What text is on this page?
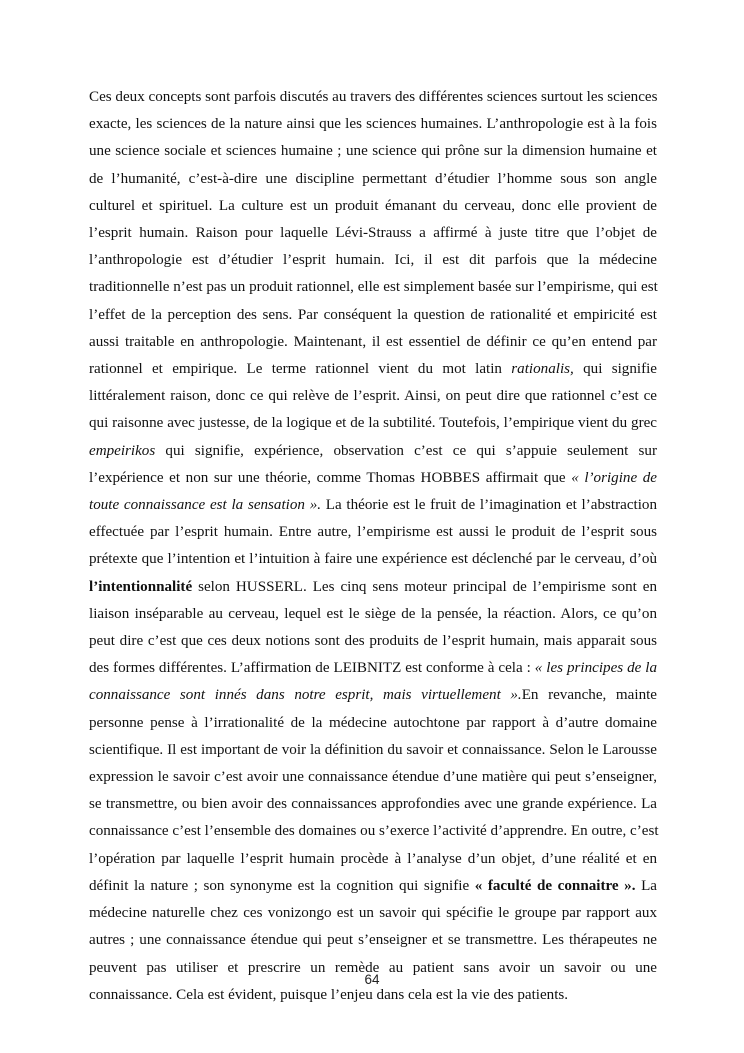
Ces deux concepts sont parfois discutés au travers des différentes sciences surtout les sciences
exacte, les sciences de la nature ainsi que les sciences humaines. L’anthropologie est à la fois
une science sociale et sciences humaine ; une science qui prône sur la dimension humaine et
de l’humanité, c’est-à-dire une discipline permettant d’étudier l’homme sous son angle
culturel et spirituel. La culture est un produit émanant du cerveau, donc elle provient de
l’esprit humain. Raison pour laquelle Lévi-Strauss a affirmé à juste titre que l’objet de
l’anthropologie est d’étudier l’esprit humain. Ici, il est dit parfois que la médecine
traditionnelle n’est pas un produit rationnel, elle est simplement basée sur l’empirisme, qui est
l’effet de la perception des sens. Par conséquent la question de rationalité et empiricité est
aussi traitable en anthropologie. Maintenant, il est essentiel de définir ce qu’en entend par
rationnel et empirique. Le terme rationnel vient du mot latin rationalis, qui signifie
littéralement raison, donc ce qui relève de l’esprit. Ainsi, on peut dire que rationnel c’est ce
qui raisonne avec justesse, de la logique et de la subtilité. Toutefois, l’empirique vient du grec
empeirikos qui signifie, expérience, observation c’est ce qui s’appuie seulement sur
l’expérience et non sur une théorie, comme Thomas HOBBES affirmait que « l’origine de
toute connaissance est la sensation ». La théorie est le fruit de l’imagination et l’abstraction
effectuée par l’esprit humain. Entre autre, l’empirisme est aussi le produit de l’esprit sous
prétexte que l’intention et l’intuition à faire une expérience est déclenché par le cerveau, d’où
l’intentionnalité selon HUSSERL. Les cinq sens moteur principal de l’empirisme sont en
liaison inséparable au cerveau, lequel est le siège de la pensée, la réaction. Alors, ce qu’on
peut dire c’est que ces deux notions sont des produits de l’esprit humain, mais apparait sous
des formes différentes. L’affirmation de LEIBNITZ est conforme à cela : « les principes de la
connaissance sont innés dans notre esprit, mais virtuellement ».En revanche, mainte
personne pense à l’irrationalité de la médecine autochtone par rapport à d’autre domaine
scientifique. Il est important de voir la définition du savoir et connaissance. Selon le Larousse
expression le savoir c’est avoir une connaissance étendue d’une matière qui peut s’enseigner,
se transmettre, ou bien avoir des connaissances approfondies avec une grande expérience. La
connaissance c’est l’ensemble des domaines ou s’exerce l’activité d’apprendre. En outre, c’est
l’opération par laquelle l’esprit humain procède à l’analyse d’un objet, d’une réalité et en
définit la nature ; son synonyme est la cognition qui signifie « faculté de connaitre ». La
médecine naturelle chez ces vonizongo est un savoir qui spécifie le groupe par rapport aux
autres ; une connaissance étendue qui peut s’enseigner et se transmettre. Les thérapeutes ne
peuvent pas utiliser et prescrire un remède au patient sans avoir un savoir ou une
connaissance. Cela est évident, puisque l’enjeu dans cela est la vie des patients.

64
